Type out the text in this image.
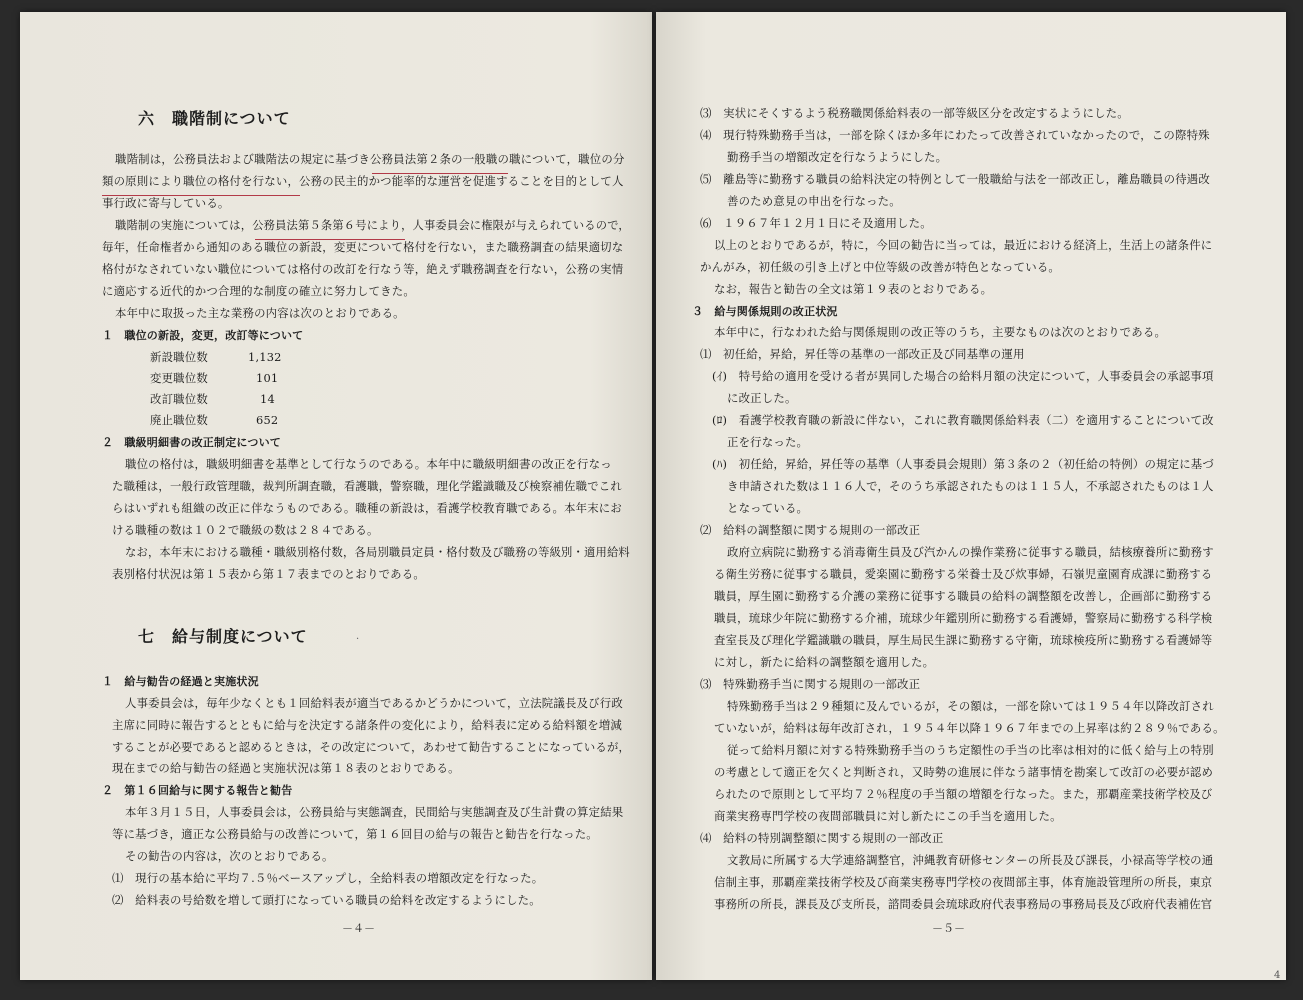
六　職階制について
職階制は，公務員法および職階法の規定に基づき公務員法第２条の一般職の職について，職位の分
類の原則により職位の格付を行ない，公務の民主的かつ能率的な運営を促進することを目的として人
事行政に寄与している。
職階制の実施については，公務員法第５条第６号により，人事委員会に権限が与えられているので，
毎年，任命権者から通知のある職位の新設，変更について格付を行ない，また職務調査の結果適切な
格付がなされていない職位については格付の改訂を行なう等，絶えず職務調査を行ない，公務の実情
に適応する近代的かつ合理的な制度の確立に努力してきた。
本年中に取扱った主な業務の内容は次のとおりである。
１　職位の新設，変更，改訂等について
新設職位数	1,132
変更職位数	101
改訂職位数	14
廃止職位数	652
２　職級明細書の改正制定について
職位の格付は，職級明細書を基準として行なうのである。本年中に職級明細書の改正を行なっ
た職種は，一般行政管理職，裁判所調査職，看護職，警察職，理化学鑑識職及び検察補佐職でこれ
らはいずれも組織の改正に伴なうものである。職種の新設は，看護学校教育職である。本年末にお
ける職種の数は１０２で職級の数は２８４である。
なお，本年末における職種・職級別格付数，各局別職員定員・格付数及び職務の等級別・適用給料
表別格付状況は第１５表から第１７表までのとおりである。
七　給与制度について	·
１　給与勧告の経過と実施状況
人事委員会は，毎年少なくとも１回給料表が適当であるかどうかについて，立法院議長及び行政
主席に同時に報告するとともに給与を決定する諸条件の変化により，給料表に定める給料額を増減
することが必要であると認めるときは，その改定について，あわせて勧告することになっているが，
現在までの給与勧告の経過と実施状況は第１８表のとおりである。
２　第１６回給与に関する報告と勧告
本年３月１５日，人事委員会は，公務員給与実態調査，民間給与実態調査及び生計費の算定結果
等に基づき，適正な公務員給与の改善について，第１６回目の給与の報告と勧告を行なった。
その勧告の内容は，次のとおりである。
⑴　現行の基本給に平均７.５％ベースアップし，全給料表の増額改定を行なった。
⑵　給料表の号給数を増して頭打になっている職員の給料を改定するようにした。
－４－
⑶　実状にそくするよう税務職関係給料表の一部等級区分を改定するようにした。
⑷　現行特殊勤務手当は，一部を除くほか多年にわたって改善されていなかったので，この際特殊
勤務手当の増額改定を行なうようにした。
⑸　離島等に勤務する職員の給料決定の特例として一般職給与法を一部改正し，離島職員の待遇改
善のため意見の申出を行なった。
⑹　１９６７年１２月１日にそ及適用した。
以上のとおりであるが，特に，今回の勧告に当っては，最近における経済上，生活上の諸条件に
かんがみ，初任級の引き上げと中位等級の改善が特色となっている。
なお，報告と勧告の全文は第１９表のとおりである。
３　給与関係規則の改正状況
本年中に，行なわれた給与関係規則の改正等のうち，主要なものは次のとおりである。
⑴　初任給，昇給，昇任等の基準の一部改正及び同基準の運用
(ｲ)　特号給の適用を受ける者が異同した場合の給料月額の決定について，人事委員会の承認事項
に改正した。
(ﾛ)　看護学校教育職の新設に伴ない，これに教育職関係給料表（二）を適用することについて改
正を行なった。
(ﾊ)　初任給，昇給，昇任等の基準（人事委員会規則）第３条の２（初任給の特例）の規定に基づ
き申請された数は１１６人で，そのうち承認されたものは１１５人，不承認されたものは１人
となっている。
⑵　給料の調整額に関する規則の一部改正
政府立病院に勤務する消毒衛生員及び汽かんの操作業務に従事する職員，結核療養所に勤務す
る衛生労務に従事する職員，愛楽園に勤務する栄養士及び炊事婦，石嶺児童園育成課に勤務する
職員，厚生園に勤務する介護の業務に従事する職員の給料の調整額を改善し，企画部に勤務する
職員，琉球少年院に勤務する介補，琉球少年鑑別所に勤務する看護婦，警察局に勤務する科学検
査室長及び理化学鑑識職の職員，厚生局民生課に勤務する守衛，琉球検疫所に勤務する看護婦等
に対し，新たに給料の調整額を適用した。
⑶　特殊勤務手当に関する規則の一部改正
特殊勤務手当は２９種類に及んでいるが，その額は，一部を除いては１９５４年以降改訂され
ていないが，給料は毎年改訂され，１９５４年以降１９６７年までの上昇率は約２８９％である。
従って給料月額に対する特殊勤務手当のうち定額性の手当の比率は相対的に低く給与上の特別
の考慮として適正を欠くと判断され，又時勢の進展に伴なう諸事情を勘案して改訂の必要が認め
られたので原則として平均７２％程度の手当額の増額を行なった。また，那覇産業技術学校及び
商業実務専門学校の夜間部職員に対し新たにこの手当を適用した。
⑷　給料の特別調整額に関する規則の一部改正
文教局に所属する大学連絡調整官，沖縄教育研修センターの所長及び課長，小禄高等学校の通
信制主事，那覇産業技術学校及び商業実務専門学校の夜間部主事，体育施設管理所の所長，東京
事務所の所長，課長及び支所長，諮問委員会琉球政府代表事務局の事務局長及び政府代表補佐官
－５－
4
